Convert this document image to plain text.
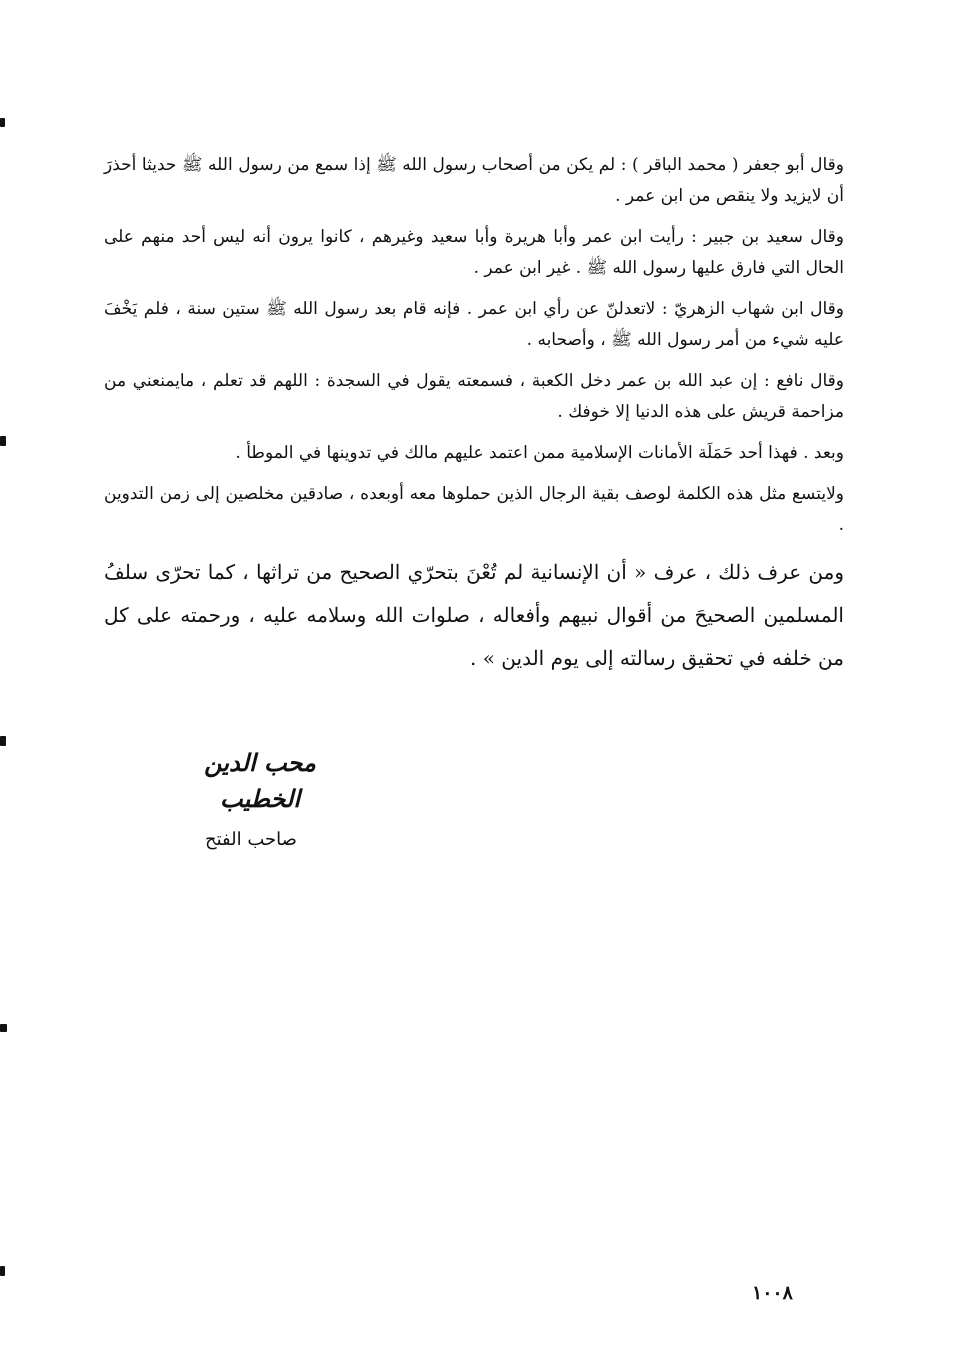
وقال أبو جعفر ( محمد الباقر ) : لم يكن من أصحاب رسول الله ﷺ إذا سمع من رسول الله ﷺ حديثا أحذرَ أن لايزيد ولا ينقص من ابن عمر .

وقال سعيد بن جبير : رأيت ابن عمر وأبا هريرة وأبا سعيد وغيرهم ، كانوا يرون أنه ليس أحد منهم على الحال التي فارق عليها رسول الله ﷺ . غير ابن عمر .

وقال ابن شهاب الزهريّ : لاتعدلنّ عن رأي ابن عمر . فإنه قام بعد رسول الله ﷺ ستين سنة ، فلم يَخْفَ عليه شيء من أمر رسول الله ﷺ ، وأصحابه .

وقال نافع : إن عبد الله بن عمر دخل الكعبة ، فسمعته يقول في السجدة : اللهم قد تعلم ، مايمنعني من مزاحمة قريش على هذه الدنيا إلا خوفك .

وبعد . فهذا أحد حَمَلَة الأمانات الإسلامية ممن اعتمد عليهم مالك في تدوينها في الموطأ .

ولايتسع مثل هذه الكلمة لوصف بقية الرجال الذين حملوها معه أوبعده ، صادقين مخلصين إلى زمن التدوين .

ومن عرف ذلك ، عرف « أن الإنسانية لم تُعْنَ بتحرّي الصحيح من تراثها ، كما تحرّى سلفُ المسلمين الصحيحَ من أقوال نبيهم وأفعاله ، صلوات الله وسلامه عليه ، ورحمته على كل من خلفه في تحقيق رسالته إلى يوم الدين » .

محب الدين الخطيب
صاحب الفتح
١٠٠٨
